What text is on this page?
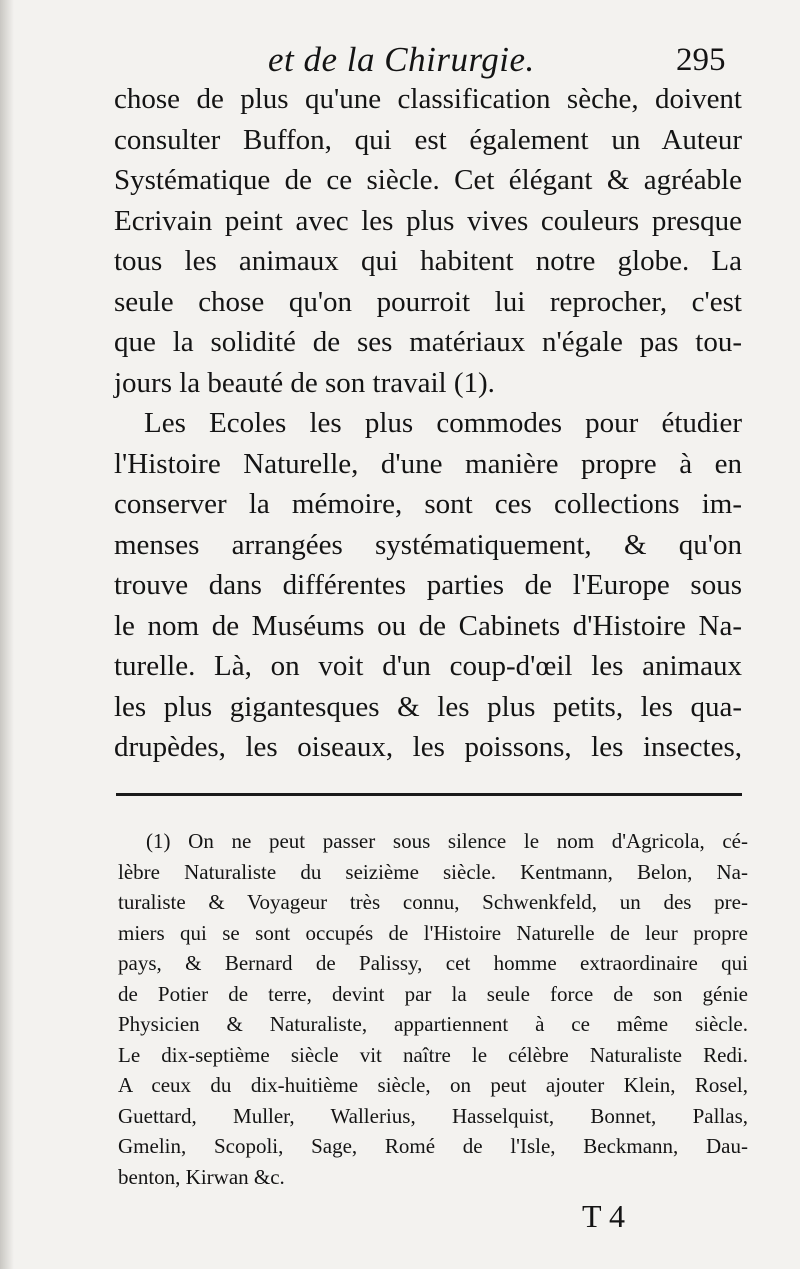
et de la Chirurgie.	295
chose de plus qu'une classification sèche, doivent
consulter Buffon, qui est également un Auteur
Systématique de ce siècle. Cet élégant & agréable
Ecrivain peint avec les plus vives couleurs presque
tous les animaux qui habitent notre globe. La
seule chose qu'on pourroit lui reprocher, c'est
que la solidité de ses matériaux n'égale pas tou-
jours la beauté de son travail (1).
Les Ecoles les plus commodes pour étudier
l'Histoire Naturelle, d'une manière propre à en
conserver la mémoire, sont ces collections im-
menses arrangées systématiquement, & qu'on
trouve dans différentes parties de l'Europe sous
le nom de Muséums ou de Cabinets d'Histoire Na-
turelle. Là, on voit d'un coup-d'œil les animaux
les plus gigantesques & les plus petits, les qua-
drupèdes, les oiseaux, les poissons, les insectes,
(1) On ne peut passer sous silence le nom d'Agricola, cé-
lèbre Naturaliste du seizième siècle. Kentmann, Belon, Na-
turaliste & Voyageur très connu, Schwenkfeld, un des pre-
miers qui se sont occupés de l'Histoire Naturelle de leur propre
pays, & Bernard de Palissy, cet homme extraordinaire qui
de Potier de terre, devint par la seule force de son génie
Physicien & Naturaliste, appartiennent à ce même siècle.
Le dix-septième siècle vit naître le célèbre Naturaliste Redi.
A ceux du dix-huitième siècle, on peut ajouter Klein, Rosel,
Guettard, Muller, Wallerius, Hasselquist, Bonnet, Pallas,
Gmelin, Scopoli, Sage, Romé de l'Isle, Beckmann, Dau-
benton, Kirwan &c.
T 4
